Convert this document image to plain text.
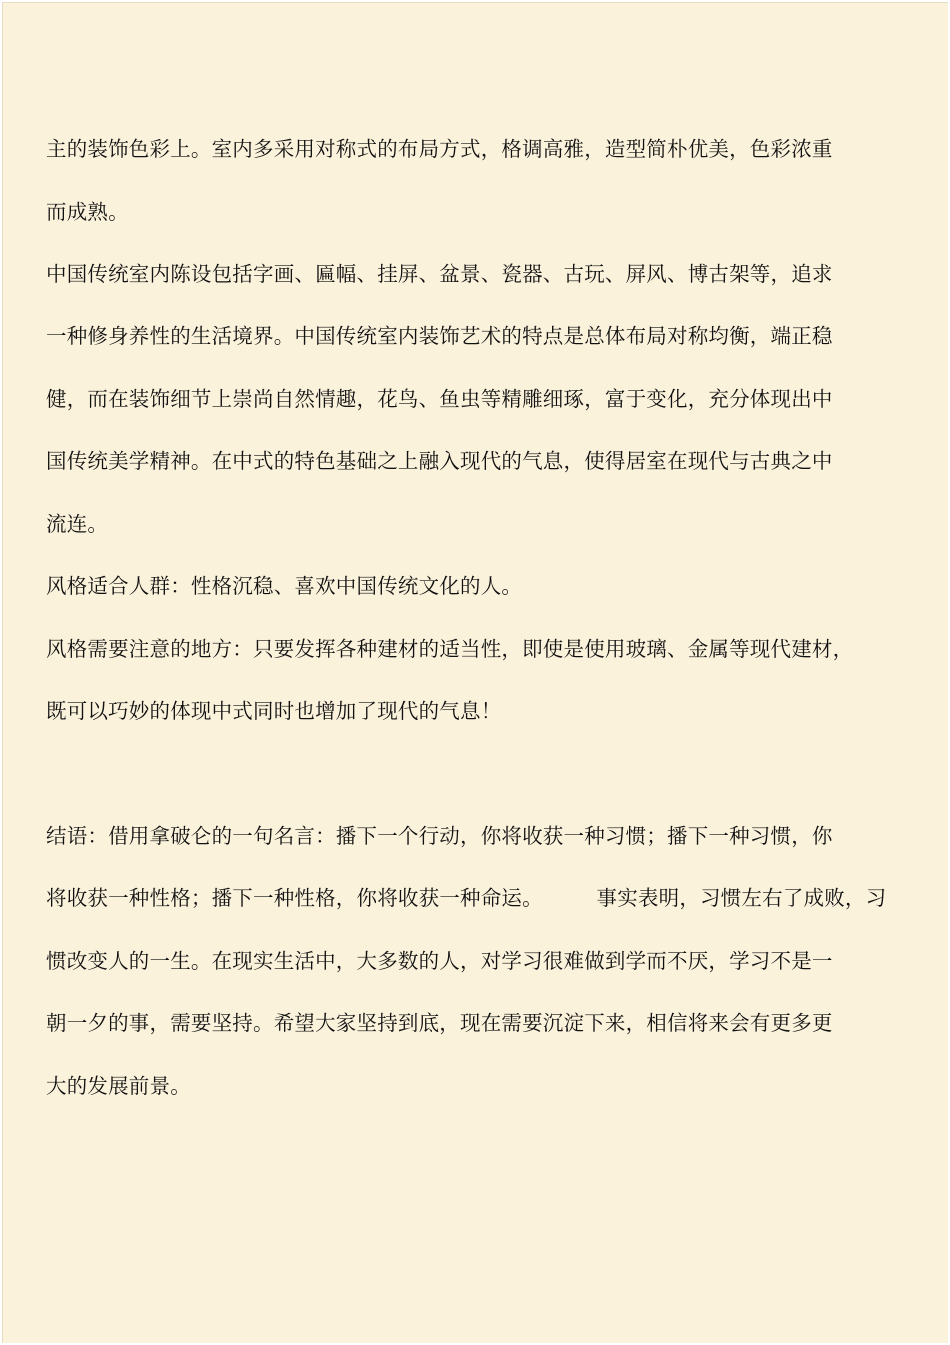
主的装饰色彩上。室内多采用对称式的布局方式，格调高雅，造型简朴优美，色彩浓重
而成熟。
中国传统室内陈设包括字画、匾幅、挂屏、盆景、瓷器、古玩、屏风、博古架等，追求
一种修身养性的生活境界。中国传统室内装饰艺术的特点是总体布局对称均衡，端正稳
健，而在装饰细节上崇尚自然情趣，花鸟、鱼虫等精雕细琢，富于变化，充分体现出中
国传统美学精神。在中式的特色基础之上融入现代的气息，使得居室在现代与古典之中
流连。
风格适合人群：性格沉稳、喜欢中国传统文化的人。
风格需要注意的地方：只要发挥各种建材的适当性，即使是使用玻璃、金属等现代建材，
既可以巧妙的体现中式同时也增加了现代的气息！
结语：借用拿破仑的一句名言：播下一个行动，你将收获一种习惯；播下一种习惯，你
将收获一种性格；播下一种性格，你将收获一种命运。        事实表明，习惯左右了成败，习
惯改变人的一生。在现实生活中，大多数的人，对学习很难做到学而不厌，学习不是一
朝一夕的事，需要坚持。希望大家坚持到底，现在需要沉淀下来，相信将来会有更多更
大的发展前景。
